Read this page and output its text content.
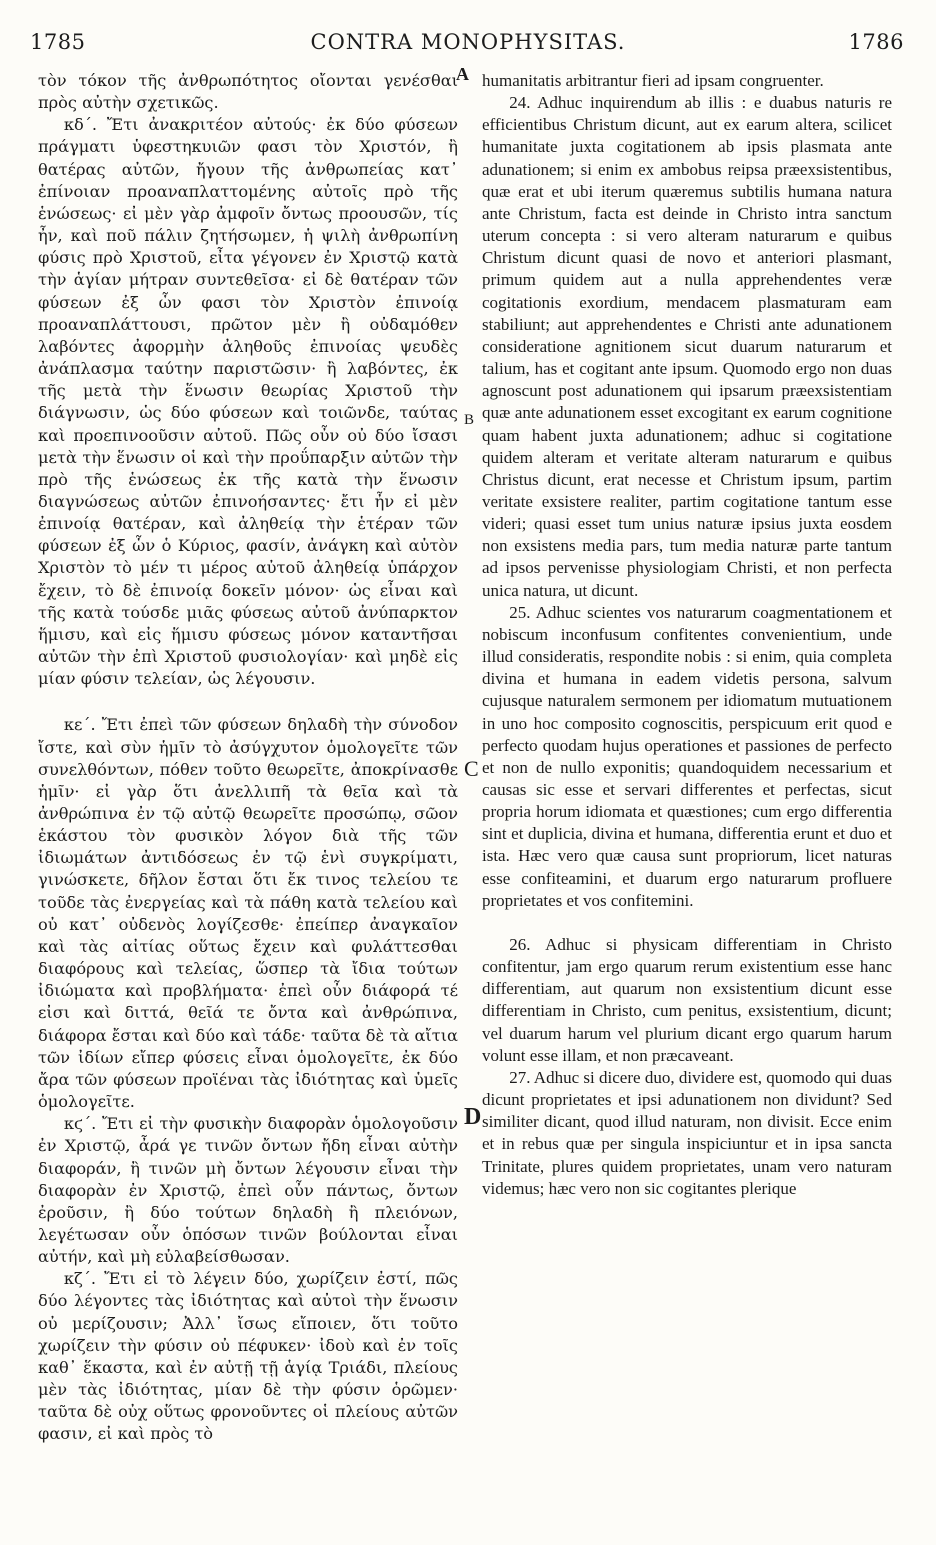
1785	CONTRA MONOPHYSITAS.	1786
A
B
C
D

τὸν τόκον τῆς ἀνθρωπότητος οἴονται γενέσθαι πρὸς αὐτὴν σχετικῶς.

κδ΄. Ἔτι ἀνακριτέον αὐτούς· ἐκ δύο φύσεων πράγματι ὑφεστηκυιῶν φασι τὸν Χριστόν, ἢ θατέρας αὐτῶν, ἤγουν τῆς ἀνθρωπείας κατ᾽ ἐπίνοιαν προαναπλαττομένης αὐτοῖς πρὸ τῆς ἑνώσεως· εἰ μὲν γὰρ ἀμφοῖν ὄντως προουσῶν, τίς ἦν, καὶ ποῦ πάλιν ζητήσωμεν, ἡ ψιλὴ ἀνθρωπίνη φύσις πρὸ Χριστοῦ, εἶτα γέγονεν ἐν Χριστῷ κατὰ τὴν ἁγίαν μήτραν συντεθεῖσα· εἰ δὲ θατέραν τῶν φύσεων ἐξ ὧν φασι τὸν Χριστὸν ἐπινοίᾳ προαναπλάττουσι, πρῶτον μὲν ἢ οὐδαμόθεν λαβόντες ἀφορμὴν ἀληθοῦς ἐπινοίας ψευδὲς ἀνάπλασμα ταύτην παριστῶσιν· ἢ λαβόντες, ἐκ τῆς μετὰ τὴν ἕνωσιν θεωρίας Χριστοῦ τὴν διάγνωσιν, ὡς δύο φύσεων καὶ τοιῶνδε, ταύτας καὶ προεπινοοῦσιν αὐτοῦ. Πῶς οὖν οὐ δύο ἴσασι μετὰ τὴν ἕνωσιν οἱ καὶ τὴν προΰπαρξιν αὐτῶν τὴν πρὸ τῆς ἑνώσεως ἐκ τῆς κατὰ τὴν ἕνωσιν διαγνώσεως αὐτῶν ἐπινοήσαντες· ἔτι ἦν εἰ μὲν ἐπινοίᾳ θατέραν, καὶ ἀληθείᾳ τὴν ἑτέραν τῶν φύσεων ἐξ ὧν ὁ Κύριος, φασίν, ἀνάγκη καὶ αὐτὸν Χριστὸν τὸ μέν τι μέρος αὐτοῦ ἀληθείᾳ ὑπάρχον ἔχειν, τὸ δὲ ἐπινοίᾳ δοκεῖν μόνον· ὡς εἶναι καὶ τῆς κατὰ τούσδε μιᾶς φύσεως αὐτοῦ ἀνύπαρκτον ἥμισυ, καὶ εἰς ἥμισυ φύσεως μόνον καταντῆσαι αὐτῶν τὴν ἐπὶ Χριστοῦ φυσιολογίαν· καὶ μηδὲ εἰς μίαν φύσιν τελείαν, ὡς λέγουσιν.

κε΄. Ἔτι ἐπεὶ τῶν φύσεων δηλαδὴ τὴν σύνοδον ἴστε, καὶ σὺν ἡμῖν τὸ ἀσύγχυτον ὁμολογεῖτε τῶν συνελθόντων, πόθεν τοῦτο θεωρεῖτε, ἀποκρίνασθε ἡμῖν· εἰ γὰρ ὅτι ἀνελλιπῆ τὰ θεῖα καὶ τὰ ἀνθρώπινα ἐν τῷ αὐτῷ θεωρεῖτε προσώπῳ, σῶον ἑκάστου τὸν φυσικὸν λόγον διὰ τῆς τῶν ἰδιωμάτων ἀντιδόσεως ἐν τῷ ἑνὶ συγκρίματι, γινώσκετε, δῆλον ἔσται ὅτι ἔκ τινος τελείου τε τοῦδε τὰς ἐνεργείας καὶ τὰ πάθη κατὰ τελείου καὶ οὐ κατ᾽ οὐδενὸς λογίζεσθε· ἐπείπερ ἀναγκαῖον καὶ τὰς αἰτίας οὕτως ἔχειν καὶ φυλάττεσθαι διαφόρους καὶ τελείας, ὥσπερ τὰ ἴδια τούτων ἰδιώματα καὶ προβλήματα· ἐπεὶ οὖν διάφορά τέ εἰσι καὶ διττά, θεῖά τε ὄντα καὶ ἀνθρώπινα, διάφορα ἔσται καὶ δύο καὶ τάδε· ταῦτα δὲ τὰ αἴτια τῶν ἰδίων εἴπερ φύσεις εἶναι ὁμολογεῖτε, ἐκ δύο ἄρα τῶν φύσεων προϊέναι τὰς ἰδιότητας καὶ ὑμεῖς ὁμολογεῖτε.

κϛ΄. Ἔτι εἰ τὴν φυσικὴν διαφορὰν ὁμολογοῦσιν ἐν Χριστῷ, ἆρά γε τινῶν ὄντων ἤδη εἶναι αὐτὴν διαφοράν, ἢ τινῶν μὴ ὄντων λέγουσιν εἶναι τὴν διαφορὰν ἐν Χριστῷ, ἐπεὶ οὖν πάντως, ὄντων ἐροῦσιν, ἢ δύο τούτων δηλαδὴ ἢ πλειόνων, λεγέτωσαν οὖν ὁπόσων τινῶν βούλονται εἶναι αὐτήν, καὶ μὴ εὐλαβείσθωσαν.

κζ΄. Ἔτι εἰ τὸ λέγειν δύο, χωρίζειν ἐστί, πῶς δύο λέγοντες τὰς ἰδιότητας καὶ αὐτοὶ τὴν ἕνωσιν οὐ μερίζουσιν; Ἀλλ᾽ ἴσως εἴποιεν, ὅτι τοῦτο χωρίζειν τὴν φύσιν οὐ πέφυκεν· ἰδοὺ καὶ ἐν τοῖς καθ᾽ ἕκαστα, καὶ ἐν αὐτῇ τῇ ἁγίᾳ Τριάδι, πλείους μὲν τὰς ἰδιότητας, μίαν δὲ τὴν φύσιν ὁρῶμεν· ταῦτα δὲ οὐχ οὕτως φρονοῦντες οἱ πλείους αὐτῶν φασιν, εἰ καὶ πρὸς τὸ

humanitatis arbitrantur fieri ad ipsam congruenter.

24. Adhuc inquirendum ab illis : e duabus naturis re efficientibus Christum dicunt, aut ex earum altera, scilicet humanitate juxta cogitationem ab ipsis plasmata ante adunationem; si enim ex ambobus reipsa præexsistentibus, quæ erat et ubi iterum quæremus subtilis humana natura ante Christum, facta est deinde in Christo intra sanctum uterum concepta : si vero alteram naturarum e quibus Christum dicunt quasi de novo et anteriori plasmant, primum quidem aut a nulla apprehendentes veræ cogitationis exordium, mendacem plasmaturam eam stabiliunt; aut apprehendentes e Christi ante adunationem consideratione agnitionem sicut duarum naturarum et talium, has et cogitant ante ipsum. Quomodo ergo non duas agnoscunt post adunationem qui ipsarum præexsistentiam quæ ante adunationem esset excogitant ex earum cognitione quam habent juxta adunationem; adhuc si cogitatione quidem alteram et veritate alteram naturarum e quibus Christus dicunt, erat necesse et Christum ipsum, partim veritate exsistere realiter, partim cogitatione tantum esse videri; quasi esset tum unius naturæ ipsius juxta eosdem non exsistens media pars, tum media naturæ parte tantum ad ipsos pervenisse physiologiam Christi, et non perfecta unica natura, ut dicunt.

25. Adhuc scientes vos naturarum coagmentationem et nobiscum inconfusum confitentes convenientium, unde illud consideratis, respondite nobis : si enim, quia completa divina et humana in eadem videtis persona, salvum cujusque naturalem sermonem per idiomatum mutuationem in uno hoc composito cognoscitis, perspicuum erit quod e perfecto quodam hujus operationes et passiones de perfecto et non de nullo exponitis; quandoquidem necessarium et causas sic esse et servari differentes et perfectas, sicut propria horum idiomata et quæstiones; cum ergo differentia sint et duplicia, divina et humana, differentia erunt et duo et ista. Hæc vero quæ causa sunt propriorum, licet naturas esse confiteamini, et duarum ergo naturarum profluere proprietates et vos confitemini.

26. Adhuc si physicam differentiam in Christo confitentur, jam ergo quarum rerum existentium esse hanc differentiam, aut quarum non exsistentium dicunt esse differentiam in Christo, cum penitus, exsistentium, dicunt; vel duarum harum vel plurium dicant ergo quarum harum volunt esse illam, et non præcaveant.

27. Adhuc si dicere duo, dividere est, quomodo qui duas dicunt proprietates et ipsi adunationem non dividunt? Sed similiter dicant, quod illud naturam, non divisit. Ecce enim et in rebus quæ per singula inspiciuntur et in ipsa sancta Trinitate, plures quidem proprietates, unam vero naturam videmus; hæc vero non sic cogitantes plerique
